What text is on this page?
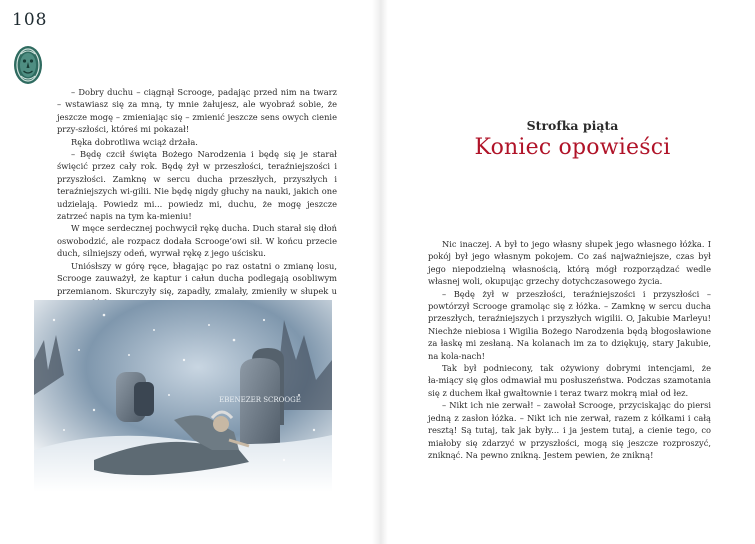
108

– Dobry duchu – ciągnął Scrooge, padając przed nim na twarz – wstawiasz się za mną, ty mnie żałujesz, ale wyobraź sobie, że jeszcze mogę – zmieniając się – zmienić jeszcze sens owych cienie przy‑szłości, któreś mi pokazał!

Ręka dobrotliwa wciąż drżała.

– Będę czcił święta Bożego Narodzenia i będę się je starał święcić przez cały rok. Będę żył w przeszłości, teraźniejszości i przyszłości. Zamknę w sercu ducha przeszłych, przyszłych i teraźniejszych wi‑gilii. Nie będę nigdy głuchy na nauki, jakich one udzielają. Powiedz mi... powiedz mi, duchu, że mogę jeszcze zatrzeć napis na tym ka‑mieniu!

W męce serdecznej pochwycił rękę ducha. Duch starał się dłoń oswobodzić, ale rozpacz dodała Scrooge’owi sił. W końcu przecie duch, silniejszy odeń, wyrwał rękę z jego uścisku.

Uniósłszy w górę ręce, błagając po raz ostatni o zmianę losu, Scrooge zauważył, że kaptur i całun ducha podlegają osobliwym przemianom. Skurczyły się, zapadły, zmalały, zmieniły w słupek u

EBENEZER SCROOGE
Strofka piąta
Koniec opowieści

Nic inaczej. A był to jego własny słupek jego własnego łóżka. I pokój był jego własnym pokojem. Co zaś najważniejsze, czas był jego niepodzielną własnością, którą mógł rozporządzać wedle własnej woli, okupując grzechy dotychczasowego życia.

– Będę żył w przeszłości, teraźniejszości i przyszłości – powtórzył Scrooge gramoląc się z łóżka. – Zamknę w sercu ducha przeszłych, teraźniejszych i przyszłych wigilii. O, Jakubie Marleyu! Niechże niebiosa i Wigilia Bożego Narodzenia będą błogosławione za łaskę mi zesłaną. Na kolanach im za to dziękuję, stary Jakubie, na kola‑nach!

Tak był podniecony, tak ożywiony dobrymi intencjami, że ła‑miący się głos odmawiał mu posłuszeństwa. Podczas szamotania się z duchem łkał gwałtownie i teraz twarz mokrą miał od łez.

– Nikt ich nie zerwał! – zawołał Scrooge, przyciskając do piersi jedną z zasłon łóżka. – Nikt ich nie zerwał, razem z kółkami i całą resztą! Są tutaj, tak jak były... i ja jestem tutaj, a cienie tego, co miałoby się zdarzyć w przyszłości, mogą się jeszcze rozproszyć, zniknąć. Na pewno znikną. Jestem pewien, że znikną!
